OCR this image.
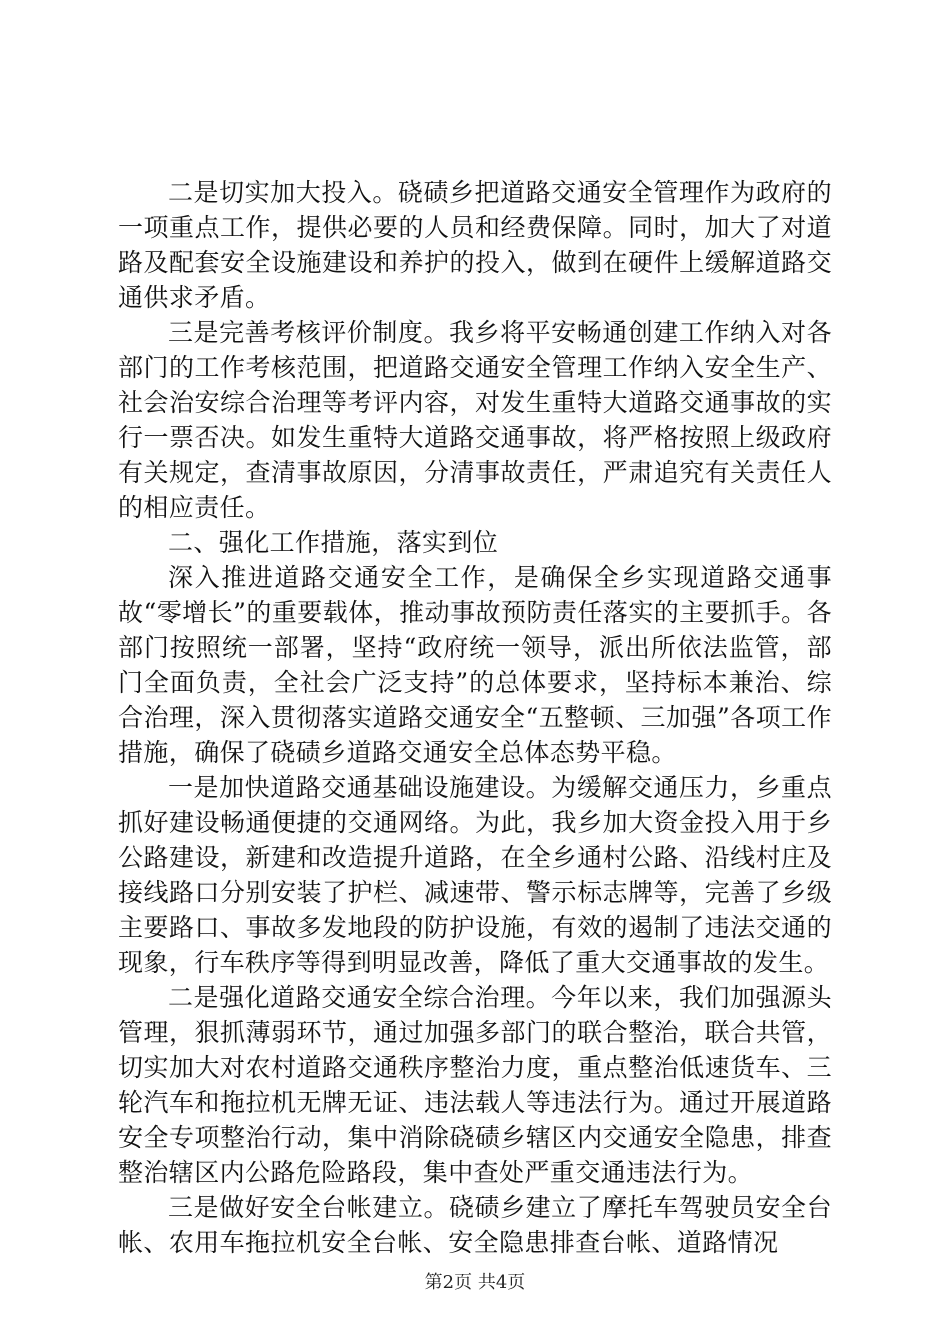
二是切实加大投入。硗碛乡把道路交通安全管理作为政府的一项重点工作，提供必要的人员和经费保障。同时，加大了对道路及配套安全设施建设和养护的投入，做到在硬件上缓解道路交通供求矛盾。

三是完善考核评价制度。我乡将平安畅通创建工作纳入对各部门的工作考核范围，把道路交通安全管理工作纳入安全生产、社会治安综合治理等考评内容，对发生重特大道路交通事故的实行一票否决。如发生重特大道路交通事故，将严格按照上级政府有关规定，查清事故原因，分清事故责任，严肃追究有关责任人的相应责任。

二、强化工作措施，落实到位

深入推进道路交通安全工作，是确保全乡实现道路交通事故“零增长”的重要载体，推动事故预防责任落实的主要抓手。各部门按照统一部署，坚持“政府统一领导，派出所依法监管，部门全面负责，全社会广泛支持”的总体要求，坚持标本兼治、综合治理，深入贯彻落实道路交通安全“五整顿、三加强”各项工作措施，确保了硗碛乡道路交通安全总体态势平稳。

一是加快道路交通基础设施建设。为缓解交通压力，乡重点抓好建设畅通便捷的交通网络。为此，我乡加大资金投入用于乡公路建设，新建和改造提升道路，在全乡通村公路、沿线村庄及接线路口分别安装了护栏、减速带、警示标志牌等，完善了乡级主要路口、事故多发地段的防护设施，有效的遏制了违法交通的现象，行车秩序等得到明显改善，降低了重大交通事故的发生。

二是强化道路交通安全综合治理。今年以来，我们加强源头管理，狠抓薄弱环节，通过加强多部门的联合整治，联合共管，切实加大对农村道路交通秩序整治力度，重点整治低速货车、三轮汽车和拖拉机无牌无证、违法载人等违法行为。通过开展道路安全专项整治行动，集中消除硗碛乡辖区内交通安全隐患，排查整治辖区内公路危险路段，集中查处严重交通违法行为。

三是做好安全台帐建立。硗碛乡建立了摩托车驾驶员安全台帐、农用车拖拉机安全台帐、安全隐患排查台帐、道路情况

第2页 共4页
